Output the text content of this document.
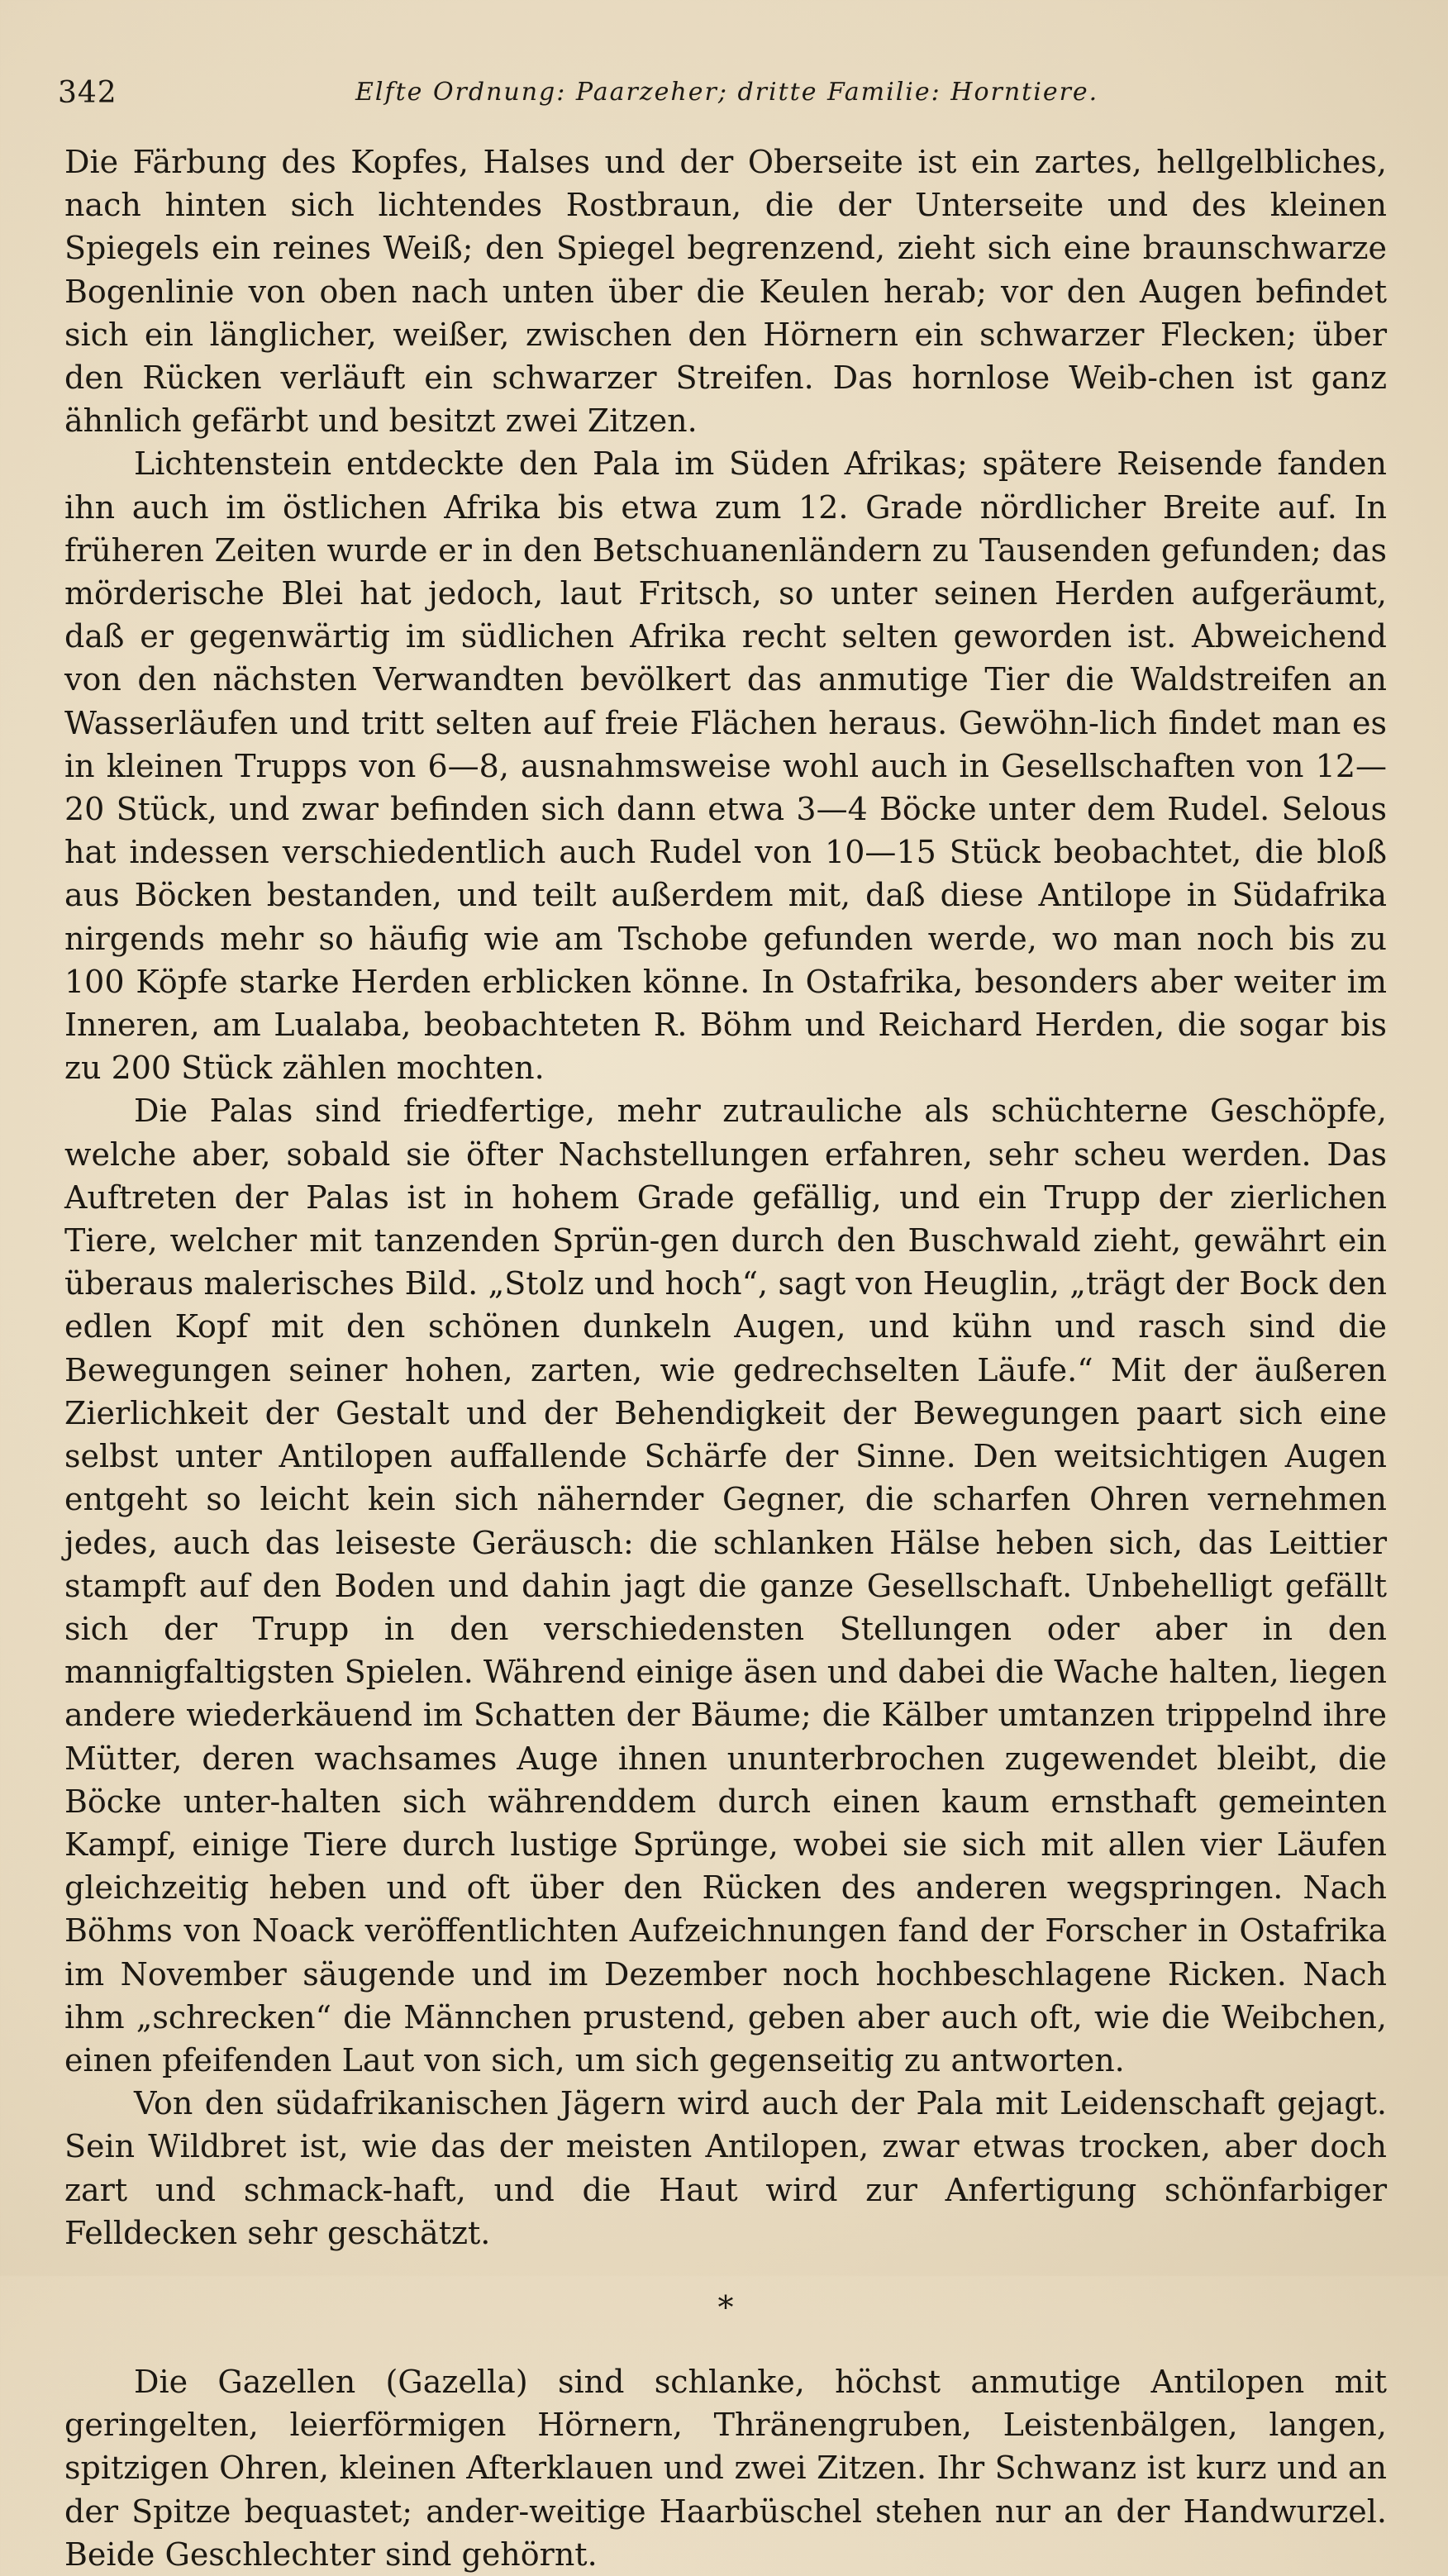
342	Elfte Ordnung: Paarzeher; dritte Familie: Horntiere.

Die Färbung des Kopfes, Halses und der Oberseite ist ein zartes, hellgelbliches, nach hinten sich lichtendes Rostbraun, die der Unterseite und des kleinen Spiegels ein reines Weiß; den Spiegel begrenzend, zieht sich eine braunschwarze Bogenlinie von oben nach unten über die Keulen herab; vor den Augen befindet sich ein länglicher, weißer, zwischen den Hörnern ein schwarzer Flecken; über den Rücken verläuft ein schwarzer Streifen. Das hornlose Weib-chen ist ganz ähnlich gefärbt und besitzt zwei Zitzen.

Lichtenstein entdeckte den Pala im Süden Afrikas; spätere Reisende fanden ihn auch im östlichen Afrika bis etwa zum 12. Grade nördlicher Breite auf. In früheren Zeiten wurde er in den Betschuanenländern zu Tausenden gefunden; das mörderische Blei hat jedoch, laut Fritsch, so unter seinen Herden aufgeräumt, daß er gegenwärtig im südlichen Afrika recht selten geworden ist. Abweichend von den nächsten Verwandten bevölkert das anmutige Tier die Waldstreifen an Wasserläufen und tritt selten auf freie Flächen heraus. Gewöhn-lich findet man es in kleinen Trupps von 6—8, ausnahmsweise wohl auch in Gesellschaften von 12—20 Stück, und zwar befinden sich dann etwa 3—4 Böcke unter dem Rudel. Selous hat indessen verschiedentlich auch Rudel von 10—15 Stück beobachtet, die bloß aus Böcken bestanden, und teilt außerdem mit, daß diese Antilope in Südafrika nirgends mehr so häufig wie am Tschobe gefunden werde, wo man noch bis zu 100 Köpfe starke Herden erblicken könne. In Ostafrika, besonders aber weiter im Inneren, am Lualaba, beobachteten R. Böhm und Reichard Herden, die sogar bis zu 200 Stück zählen mochten.

Die Palas sind friedfertige, mehr zutrauliche als schüchterne Geschöpfe, welche aber, sobald sie öfter Nachstellungen erfahren, sehr scheu werden. Das Auftreten der Palas ist in hohem Grade gefällig, und ein Trupp der zierlichen Tiere, welcher mit tanzenden Sprün-gen durch den Buschwald zieht, gewährt ein überaus malerisches Bild. „Stolz und hoch“, sagt von Heuglin, „trägt der Bock den edlen Kopf mit den schönen dunkeln Augen, und kühn und rasch sind die Bewegungen seiner hohen, zarten, wie gedrechselten Läufe.“ Mit der äußeren Zierlichkeit der Gestalt und der Behendigkeit der Bewegungen paart sich eine selbst unter Antilopen auffallende Schärfe der Sinne. Den weitsichtigen Augen entgeht so leicht kein sich nähernder Gegner, die scharfen Ohren vernehmen jedes, auch das leiseste Geräusch: die schlanken Hälse heben sich, das Leittier stampft auf den Boden und dahin jagt die ganze Gesellschaft. Unbehelligt gefällt sich der Trupp in den verschiedensten Stellungen oder aber in den mannigfaltigsten Spielen. Während einige äsen und dabei die Wache halten, liegen andere wiederkäuend im Schatten der Bäume; die Kälber umtanzen trippelnd ihre Mütter, deren wachsames Auge ihnen ununterbrochen zugewendet bleibt, die Böcke unter-halten sich währenddem durch einen kaum ernsthaft gemeinten Kampf, einige Tiere durch lustige Sprünge, wobei sie sich mit allen vier Läufen gleichzeitig heben und oft über den Rücken des anderen wegspringen. Nach Böhms von Noack veröffentlichten Aufzeichnungen fand der Forscher in Ostafrika im November säugende und im Dezember noch hochbeschlagene Ricken. Nach ihm „schrecken“ die Männchen prustend, geben aber auch oft, wie die Weibchen, einen pfeifenden Laut von sich, um sich gegenseitig zu antworten.

Von den südafrikanischen Jägern wird auch der Pala mit Leidenschaft gejagt. Sein Wildbret ist, wie das der meisten Antilopen, zwar etwas trocken, aber doch zart und schmack-haft, und die Haut wird zur Anfertigung schönfarbiger Felldecken sehr geschätzt.

*

Die Gazellen (Gazella) sind schlanke, höchst anmutige Antilopen mit geringelten, leierförmigen Hörnern, Thränengruben, Leistenbälgen, langen, spitzigen Ohren, kleinen Afterklauen und zwei Zitzen. Ihr Schwanz ist kurz und an der Spitze bequastet; ander-weitige Haarbüschel stehen nur an der Handwurzel. Beide Geschlechter sind gehörnt.
